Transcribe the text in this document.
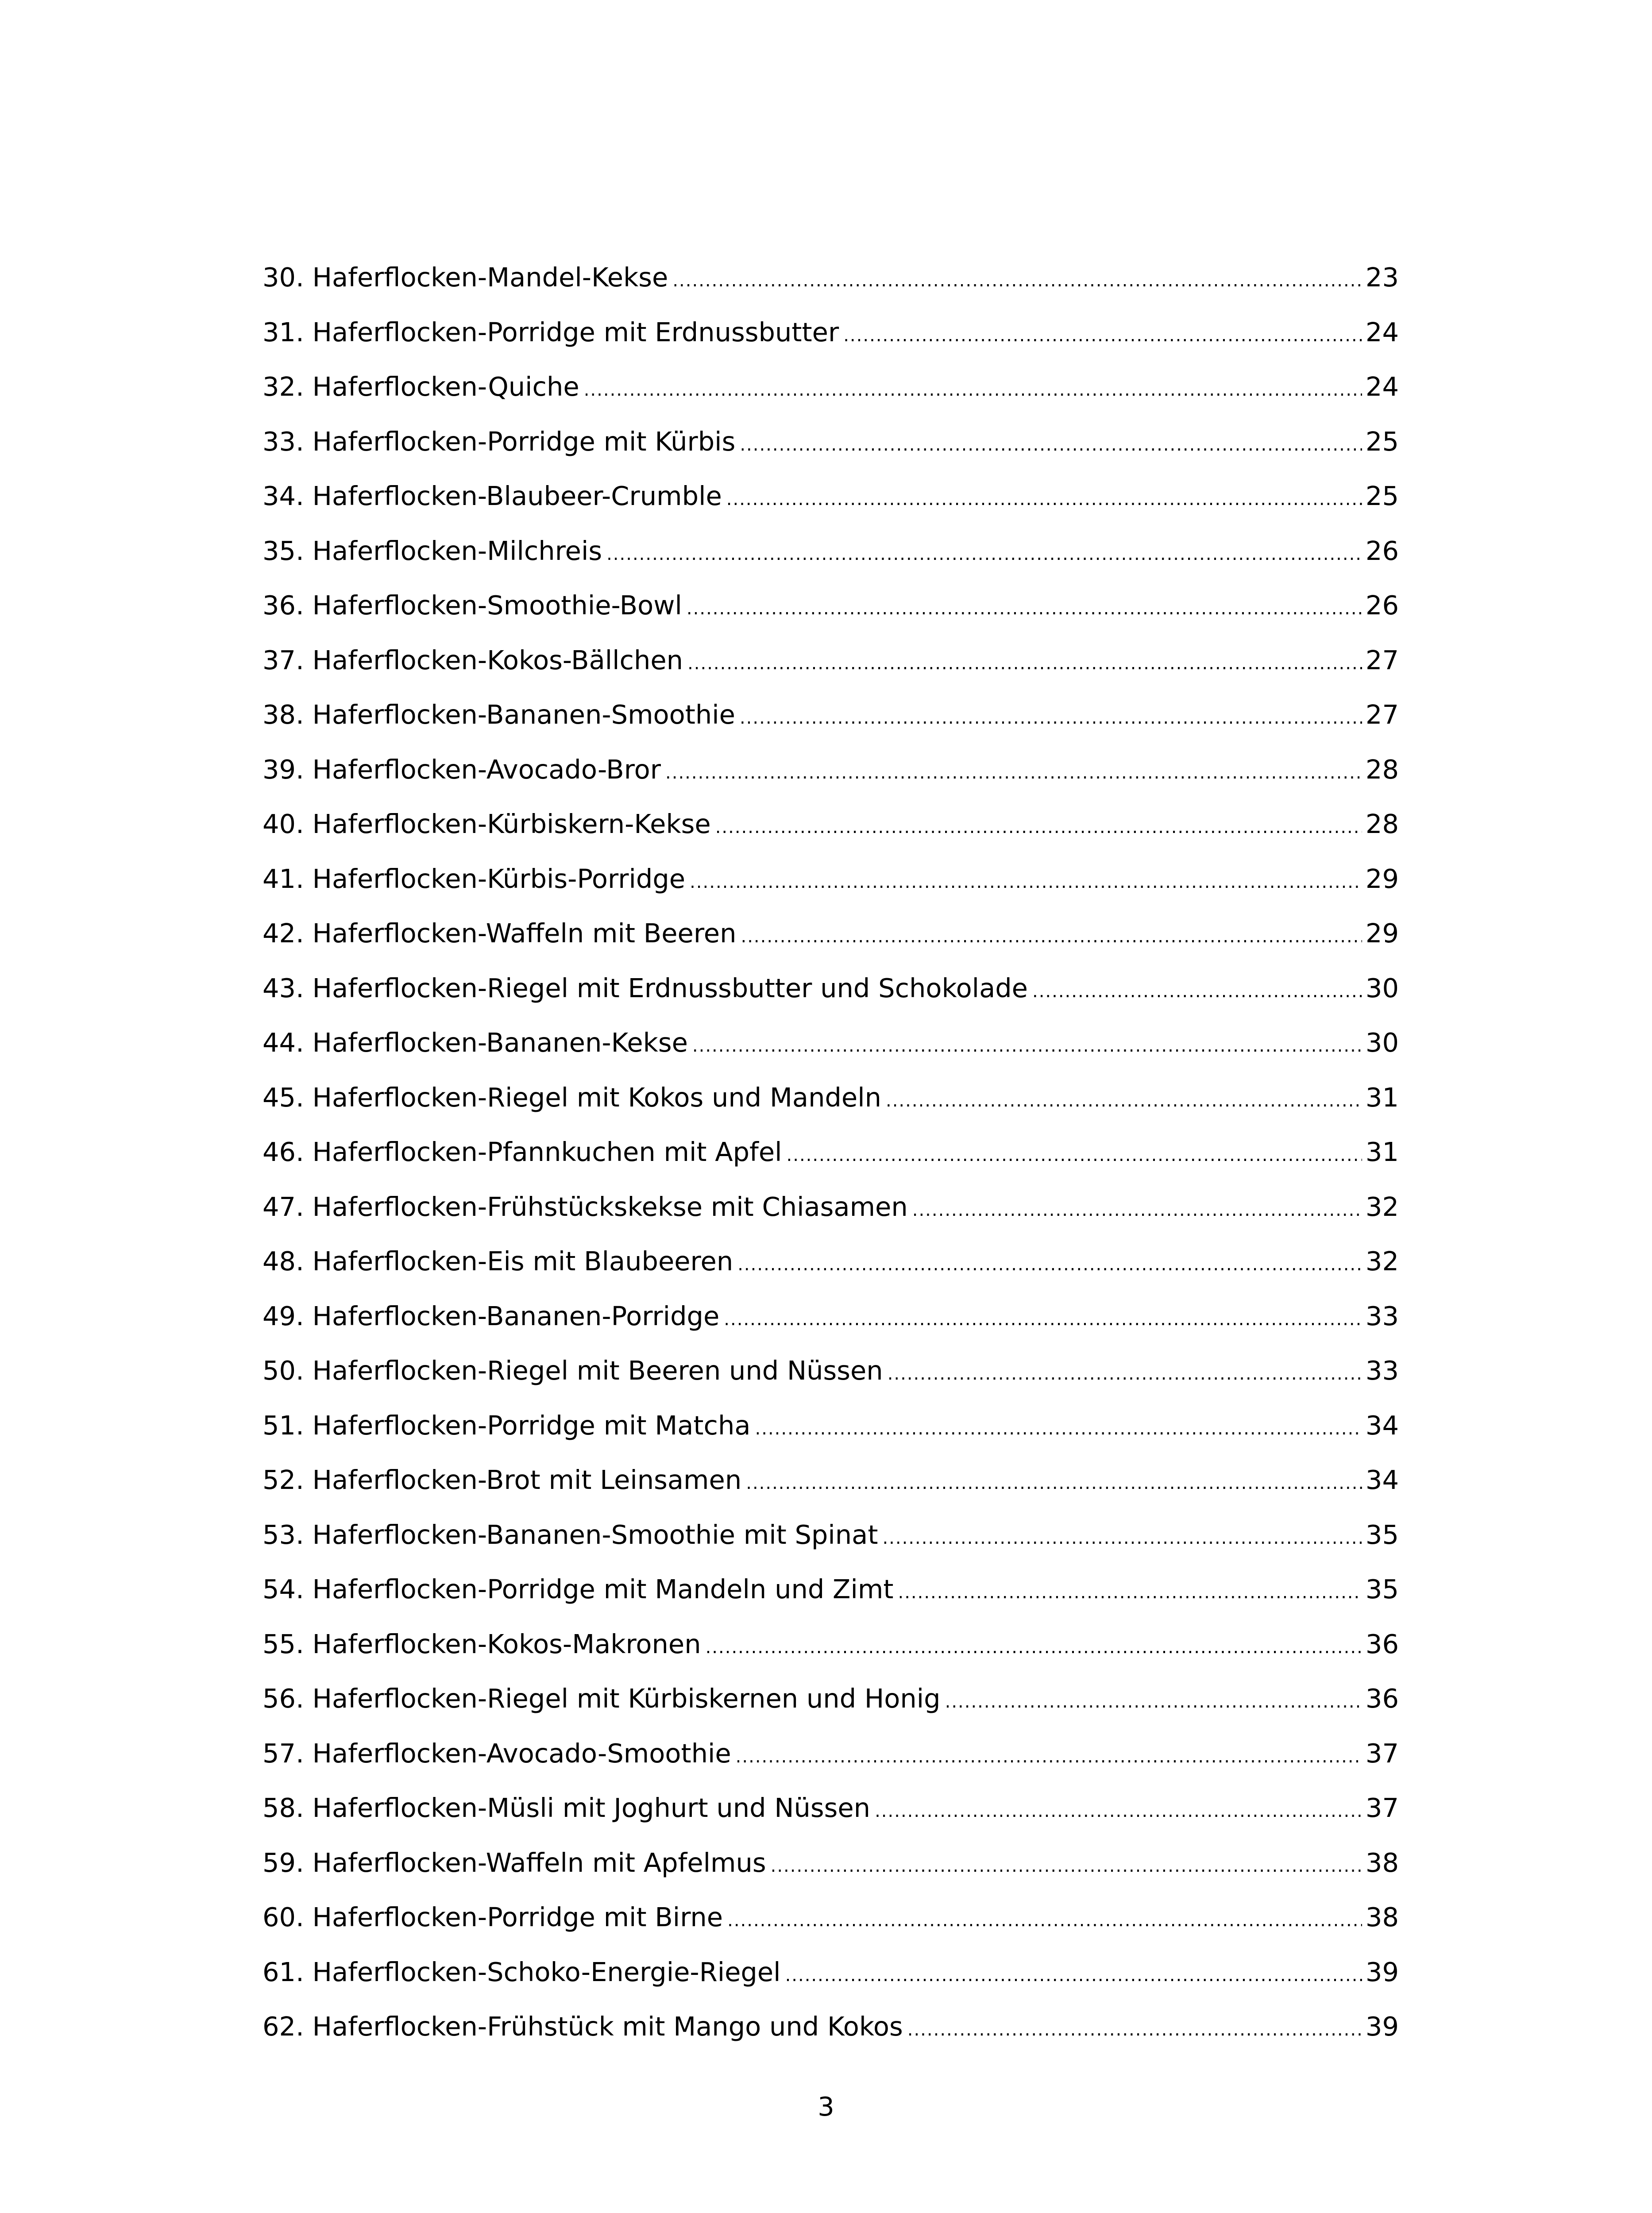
30. Haferflocken-Mandel-Kekse .....	23
31. Haferflocken-Porridge mit Erdnussbutter .....	24
32. Haferflocken-Quiche .....	24
33. Haferflocken-Porridge mit Kürbis .....	25
34. Haferflocken-Blaubeer-Crumble .....	25
35. Haferflocken-Milchreis .....	26
36. Haferflocken-Smoothie-Bowl .....	26
37. Haferflocken-Kokos-Bällchen .....	27
38. Haferflocken-Bananen-Smoothie .....	27
39. Haferflocken-Avocado-Bror .....	28
40. Haferflocken-Kürbiskern-Kekse .....	28
41. Haferflocken-Kürbis-Porridge .....	29
42. Haferflocken-Waffeln mit Beeren .....	29
43. Haferflocken-Riegel mit Erdnussbutter und Schokolade .....	30
44. Haferflocken-Bananen-Kekse .....	30
45. Haferflocken-Riegel mit Kokos und Mandeln .....	31
46. Haferflocken-Pfannkuchen mit Apfel .....	31
47. Haferflocken-Frühstückskekse mit Chiasamen .....	32
48. Haferflocken-Eis mit Blaubeeren .....	32
49. Haferflocken-Bananen-Porridge .....	33
50. Haferflocken-Riegel mit Beeren und Nüssen .....	33
51. Haferflocken-Porridge mit Matcha .....	34
52. Haferflocken-Brot mit Leinsamen .....	34
53. Haferflocken-Bananen-Smoothie mit Spinat .....	35
54. Haferflocken-Porridge mit Mandeln und Zimt .....	35
55. Haferflocken-Kokos-Makronen .....	36
56. Haferflocken-Riegel mit Kürbiskernen und Honig .....	36
57. Haferflocken-Avocado-Smoothie .....	37
58. Haferflocken-Müsli mit Joghurt und Nüssen .....	37
59. Haferflocken-Waffeln mit Apfelmus .....	38
60. Haferflocken-Porridge mit Birne .....	38
61. Haferflocken-Schoko-Energie-Riegel .....	39
62. Haferflocken-Frühstück mit Mango und Kokos .....	39
3
